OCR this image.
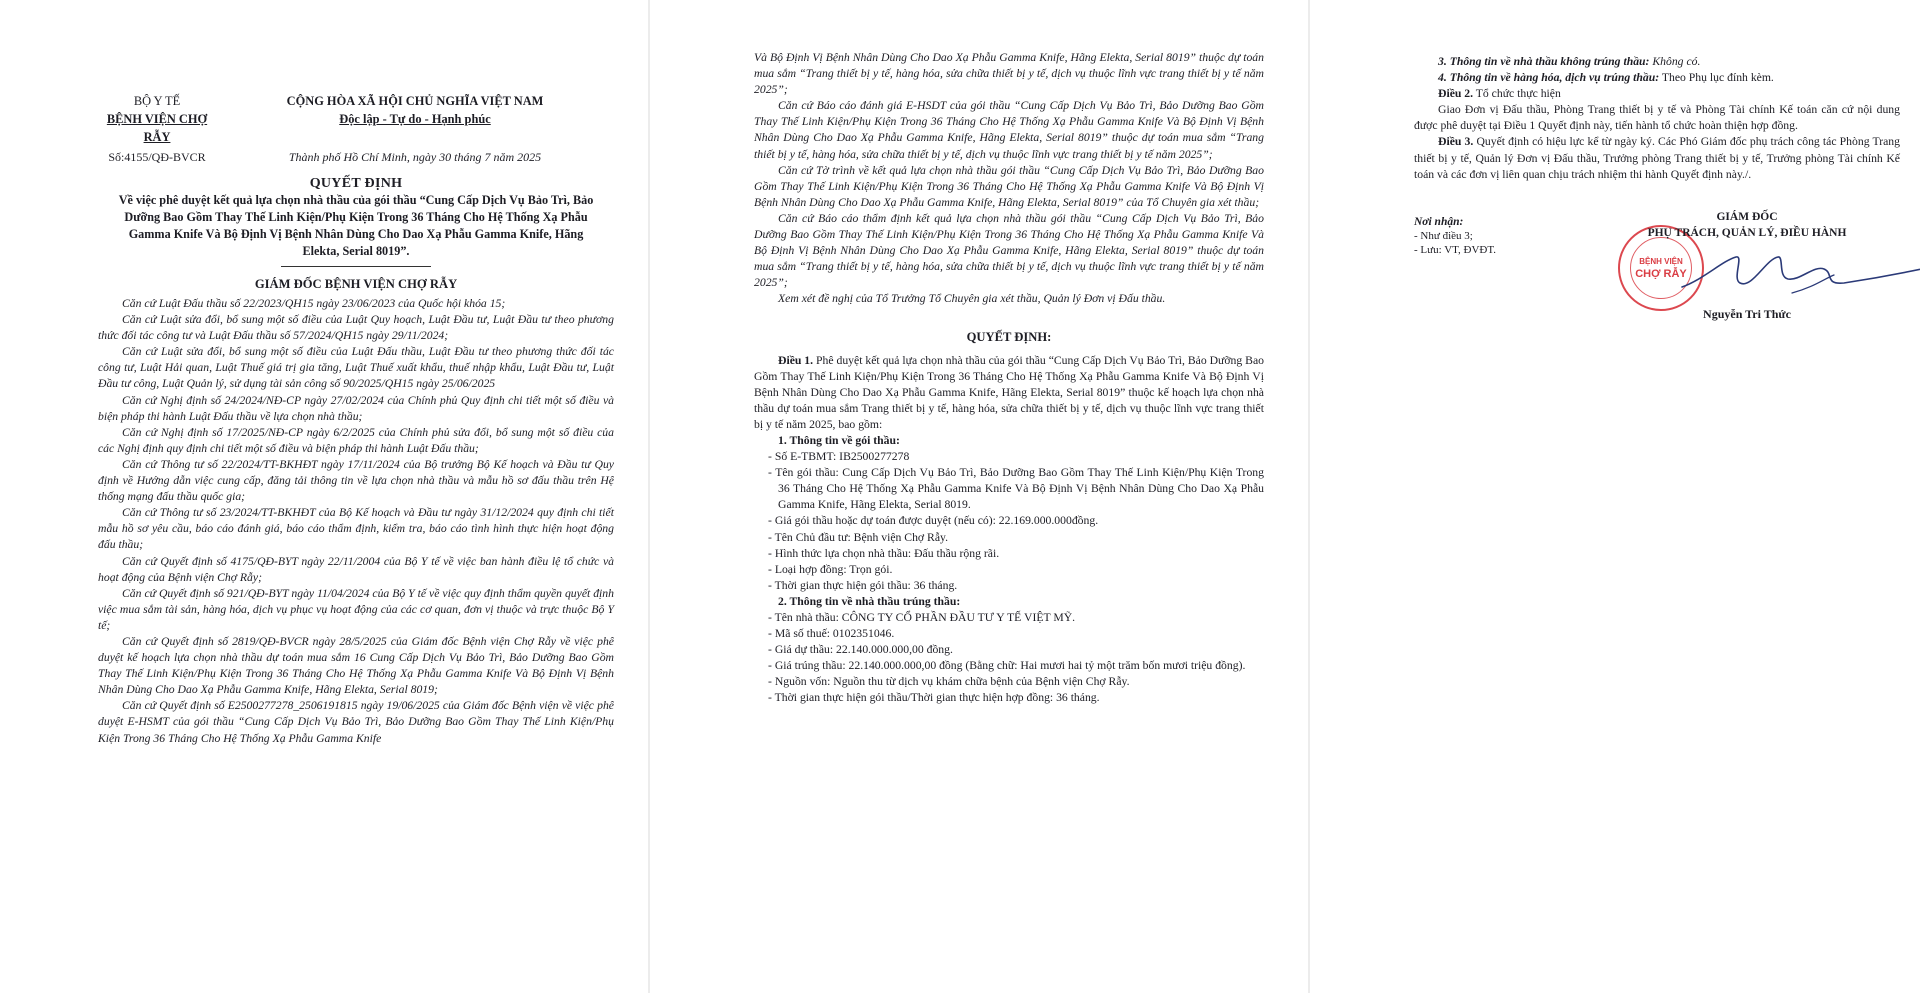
BỘ Y TẾ
BỆNH VIỆN CHỢ RẪY
CỘNG HÒA XÃ HỘI CHỦ NGHĨA VIỆT NAM
Độc lập - Tự do - Hạnh phúc
Số:4155/QĐ-BVCR	Thành phố Hồ Chí Minh, ngày 30 tháng 7 năm 2025
QUYẾT ĐỊNH
Về việc phê duyệt kết quả lựa chọn nhà thầu của gói thầu “Cung Cấp Dịch Vụ Bảo Trì, Bảo Dưỡng Bao Gồm Thay Thế Linh Kiện/Phụ Kiện Trong 36 Tháng Cho Hệ Thống Xạ Phẫu Gamma Knife Và Bộ Định Vị Bệnh Nhân Dùng Cho Dao Xạ Phẫu Gamma Knife, Hãng Elekta, Serial 8019”.
GIÁM ĐỐC BỆNH VIỆN CHỢ RẪY

Căn cứ Luật Đấu thầu số 22/2023/QH15 ngày 23/06/2023 của Quốc hội khóa 15;

Căn cứ Luật sửa đổi, bổ sung một số điều của Luật Quy hoạch, Luật Đầu tư, Luật Đầu tư theo phương thức đối tác công tư và Luật Đấu thầu số 57/2024/QH15 ngày 29/11/2024;

Căn cứ Luật sửa đổi, bổ sung một số điều của Luật Đấu thầu, Luật Đầu tư theo phương thức đối tác công tư, Luật Hải quan, Luật Thuế giá trị gia tăng, Luật Thuế xuất khẩu, thuế nhập khẩu, Luật Đầu tư, Luật Đầu tư công, Luật Quản lý, sử dụng tài sản công số 90/2025/QH15 ngày 25/06/2025

Căn cứ Nghị định số 24/2024/NĐ-CP ngày 27/02/2024 của Chính phủ Quy định chi tiết một số điều và biện pháp thi hành Luật Đấu thầu về lựa chọn nhà thầu;

Căn cứ Nghị định số 17/2025/NĐ-CP ngày 6/2/2025 của Chính phủ sửa đổi, bổ sung một số điều của các Nghị định quy định chi tiết một số điều và biện pháp thi hành Luật Đấu thầu;

Căn cứ Thông tư số 22/2024/TT-BKHĐT ngày 17/11/2024 của Bộ trưởng Bộ Kế hoạch và Đầu tư Quy định về Hướng dẫn việc cung cấp, đăng tải thông tin về lựa chọn nhà thầu và mẫu hồ sơ đấu thầu trên Hệ thống mạng đấu thầu quốc gia;

Căn cứ Thông tư số 23/2024/TT-BKHĐT của Bộ Kế hoạch và Đầu tư ngày 31/12/2024 quy định chi tiết mẫu hồ sơ yêu cầu, báo cáo đánh giá, báo cáo thẩm định, kiểm tra, báo cáo tình hình thực hiện hoạt động đấu thầu;

Căn cứ Quyết định số 4175/QĐ-BYT ngày 22/11/2004 của Bộ Y tế về việc ban hành điều lệ tổ chức và hoạt động của Bệnh viện Chợ Rẫy;

Căn cứ Quyết định số 921/QĐ-BYT ngày 11/04/2024 của Bộ Y tế về việc quy định thẩm quyền quyết định việc mua sắm tài sản, hàng hóa, dịch vụ phục vụ hoạt động của các cơ quan, đơn vị thuộc và trực thuộc Bộ Y tế;

Căn cứ Quyết định số 2819/QĐ-BVCR ngày 28/5/2025 của Giám đốc Bệnh viện Chợ Rẫy về việc phê duyệt kế hoạch lựa chọn nhà thầu dự toán mua sắm 16 Cung Cấp Dịch Vụ Bảo Trì, Bảo Dưỡng Bao Gồm Thay Thế Linh Kiện/Phụ Kiện Trong 36 Tháng Cho Hệ Thống Xạ Phẫu Gamma Knife Và Bộ Định Vị Bệnh Nhân Dùng Cho Dao Xạ Phẫu Gamma Knife, Hãng Elekta, Serial 8019;

Căn cứ Quyết định số E2500277278_2506191815 ngày 19/06/2025 của Giám đốc Bệnh viện về việc phê duyệt E-HSMT của gói thầu “Cung Cấp Dịch Vụ Bảo Trì, Bảo Dưỡng Bao Gồm Thay Thế Linh Kiện/Phụ Kiện Trong 36 Tháng Cho Hệ Thống Xạ Phẫu Gamma Knife

Và Bộ Định Vị Bệnh Nhân Dùng Cho Dao Xạ Phẫu Gamma Knife, Hãng Elekta, Serial 8019” thuộc dự toán mua sắm “Trang thiết bị y tế, hàng hóa, sửa chữa thiết bị y tế, dịch vụ thuộc lĩnh vực trang thiết bị y tế năm 2025”;

Căn cứ Báo cáo đánh giá E-HSDT của gói thầu “Cung Cấp Dịch Vụ Bảo Trì, Bảo Dưỡng Bao Gồm Thay Thế Linh Kiện/Phụ Kiện Trong 36 Tháng Cho Hệ Thống Xạ Phẫu Gamma Knife Và Bộ Định Vị Bệnh Nhân Dùng Cho Dao Xạ Phẫu Gamma Knife, Hãng Elekta, Serial 8019” thuộc dự toán mua sắm “Trang thiết bị y tế, hàng hóa, sửa chữa thiết bị y tế, dịch vụ thuộc lĩnh vực trang thiết bị y tế năm 2025”;

Căn cứ Tờ trình về kết quả lựa chọn nhà thầu gói thầu “Cung Cấp Dịch Vụ Bảo Trì, Bảo Dưỡng Bao Gồm Thay Thế Linh Kiện/Phụ Kiện Trong 36 Tháng Cho Hệ Thống Xạ Phẫu Gamma Knife Và Bộ Định Vị Bệnh Nhân Dùng Cho Dao Xạ Phẫu Gamma Knife, Hãng Elekta, Serial 8019” của Tổ Chuyên gia xét thầu;

Căn cứ Báo cáo thẩm định kết quả lựa chọn nhà thầu gói thầu “Cung Cấp Dịch Vụ Bảo Trì, Bảo Dưỡng Bao Gồm Thay Thế Linh Kiện/Phụ Kiện Trong 36 Tháng Cho Hệ Thống Xạ Phẫu Gamma Knife Và Bộ Định Vị Bệnh Nhân Dùng Cho Dao Xạ Phẫu Gamma Knife, Hãng Elekta, Serial 8019” thuộc dự toán mua sắm “Trang thiết bị y tế, hàng hóa, sửa chữa thiết bị y tế, dịch vụ thuộc lĩnh vực trang thiết bị y tế năm 2025”;

Xem xét đề nghị của Tổ Trưởng Tổ Chuyên gia xét thầu, Quản lý Đơn vị Đấu thầu.

QUYẾT ĐỊNH:

Điều 1. Phê duyệt kết quả lựa chọn nhà thầu của gói thầu “Cung Cấp Dịch Vụ Bảo Trì, Bảo Dưỡng Bao Gồm Thay Thế Linh Kiện/Phụ Kiện Trong 36 Tháng Cho Hệ Thống Xạ Phẫu Gamma Knife Và Bộ Định Vị Bệnh Nhân Dùng Cho Dao Xạ Phẫu Gamma Knife, Hãng Elekta, Serial 8019” thuộc kế hoạch lựa chọn nhà thầu dự toán mua sắm Trang thiết bị y tế, hàng hóa, sửa chữa thiết bị y tế, dịch vụ thuộc lĩnh vực trang thiết bị y tế năm 2025, bao gồm:

1. Thông tin về gói thầu:

- Số E-TBMT: IB2500277278

- Tên gói thầu: Cung Cấp Dịch Vụ Bảo Trì, Bảo Dưỡng Bao Gồm Thay Thế Linh Kiện/Phụ Kiện Trong 36 Tháng Cho Hệ Thống Xạ Phẫu Gamma Knife Và Bộ Định Vị Bệnh Nhân Dùng Cho Dao Xạ Phẫu Gamma Knife, Hãng Elekta, Serial 8019.

- Giá gói thầu hoặc dự toán được duyệt (nếu có): 22.169.000.000đồng.

- Tên Chủ đầu tư: Bệnh viện Chợ Rẫy.

- Hình thức lựa chọn nhà thầu: Đấu thầu rộng rãi.

- Loại hợp đồng: Trọn gói.

- Thời gian thực hiện gói thầu: 36 tháng.

2. Thông tin về nhà thầu trúng thầu:

- Tên nhà thầu: CÔNG TY CỔ PHẦN ĐẦU TƯ Y TẾ VIỆT MỸ.

- Mã số thuế: 0102351046.

- Giá dự thầu: 22.140.000.000,00 đồng.

- Giá trúng thầu: 22.140.000.000,00 đồng (Bằng chữ: Hai mươi hai tỷ một trăm bốn mươi triệu đồng).

- Nguồn vốn: Nguồn thu từ dịch vụ khám chữa bệnh của Bệnh viện Chợ Rẫy.

- Thời gian thực hiện gói thầu/Thời gian thực hiện hợp đồng: 36 tháng.

3. Thông tin về nhà thầu không trúng thầu: Không có.

4. Thông tin về hàng hóa, dịch vụ trúng thầu: Theo Phụ lục đính kèm.

Điều 2. Tổ chức thực hiện

Giao Đơn vị Đấu thầu, Phòng Trang thiết bị y tế và Phòng Tài chính Kế toán căn cứ nội dung được phê duyệt tại Điều 1 Quyết định này, tiến hành tổ chức hoàn thiện hợp đồng.

Điều 3. Quyết định có hiệu lực kể từ ngày ký. Các Phó Giám đốc phụ trách công tác Phòng Trang thiết bị y tế, Quản lý Đơn vị Đấu thầu, Trưởng phòng Trang thiết bị y tế, Trưởng phòng Tài chính Kế toán và các đơn vị liên quan chịu trách nhiệm thi hành Quyết định này./.

Nơi nhận:
- Như điều 3;
- Lưu: VT, ĐVĐT.
GIÁM ĐỐC
PHỤ TRÁCH, QUẢN LÝ, ĐIỀU HÀNH
BỆNH VIỆN
CHỢ RẪY
Nguyễn Tri Thức
